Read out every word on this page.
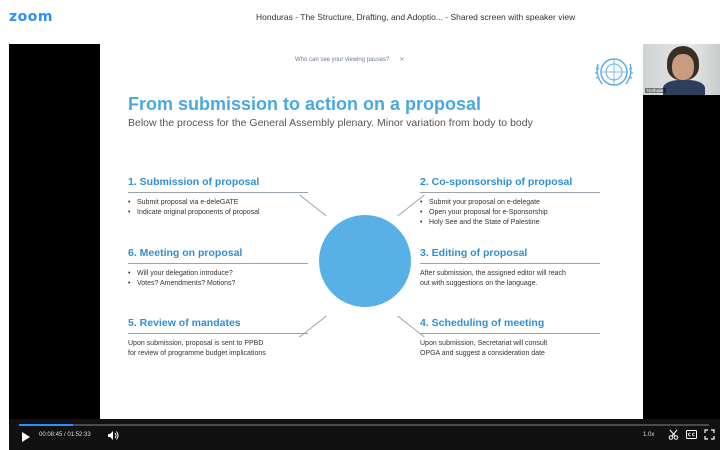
zoom	Honduras - The Structure, Drafting, and Adoptio... - Shared screen with speaker view
Who can see your viewing pauses? ✕
From submission to action on a proposal
Below the process for the General Assembly plenary. Minor variation from body to body
1. Submission of proposal
• Submit proposal via e-deleGATE
• Indicate original proponents of proposal
2. Co-sponsorship of proposal
• Submit your proposal on e-delegate
• Open your proposal for e-Sponsorship
• Holy See and the State of Palestine
6. Meeting on proposal
• Will your delegation introduce?
• Votes? Amendments? Motions?
3. Editing of proposal

After submission, the assigned editor will reach

out with suggestions on the language.

5. Review of mandates

Upon submission, proposal is sent to PPBD

for review of programme budget implications

4. Scheduling of meeting

Upon submission, Secretariat will consult

OPGA and suggest a consideration date

Nathalie
00:08:45 / 01:52:33	1.0x
